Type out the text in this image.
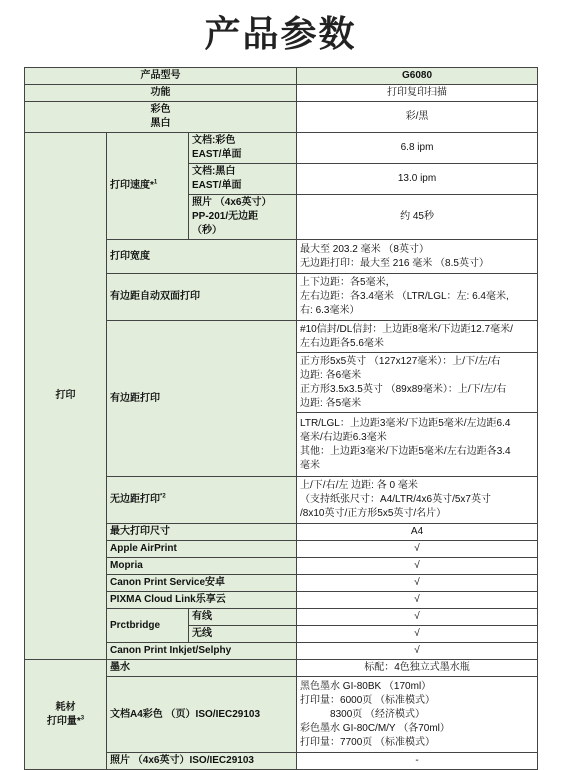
产品参数
产品型号			G6080
功能			打印复印扫描

彩色
黑白			彩/黑
打印	打印速度*$^1$	文档:彩色
EAST/单面	6.8 ipm

		文档:黑白
EAST/单面	13.0 ipm

		照片 （4x6英寸）
PP-201/无边距
（秒）	约 45秒
	打印宽度		最大至 203.2 毫米 （8英寸）
无边距打印：最大至 216 毫米 （8.5英寸）

	有边距自动双面打印		上下边距：各5毫米，
左右边距：各3.4毫米 （LTR/LGL：左: 6.4毫米,
右: 6.3毫米）

	有边距打印		#10信封/DL信封：上边距8毫米/下边距12.7毫米/
左右边距各5.6毫米

			正方形5x5英寸 （127x127毫米）：上/下/左/右
边距: 各6毫米
正方形3.5x3.5英寸 （89x89毫米）：上/下/左/右
边距: 各5毫米

			LTR/LGL：上边距3毫米/下边距5毫米/左边距6.4
毫米/右边距6.3毫米
其他：上边距3毫米/下边距5毫米/左右边距各3.4
毫米

	无边距打印$^{*2}$		上/下/右/左 边距: 各 0 毫米
（支持纸张尺寸：A4/LTR/4x6英寸/5x7英寸
/8x10英寸/正方形5x5英寸/名片）

	最大打印尺寸		A4
	Apple AirPrint		√
	Mopria		√
	Canon Print Service安卓		√
	PIXMA Cloud Link乐享云		√
	Prctbridge	有线	√
		无线	√
	Canon Print Inkjet/Selphy		√

耗材
打印量*$^3$	墨水		标配：4色独立式墨水瓶
	文档A4彩色 （页）ISO/IEC29103		黑色墨水 GI-80BK （170ml）
打印量：6000页 （标准模式）
8300页 （经济模式）
彩色墨水 GI-80C/M/Y （各70ml）
打印量：7700页 （标准模式）

	照片 （4x6英寸）ISO/IEC29103		-
